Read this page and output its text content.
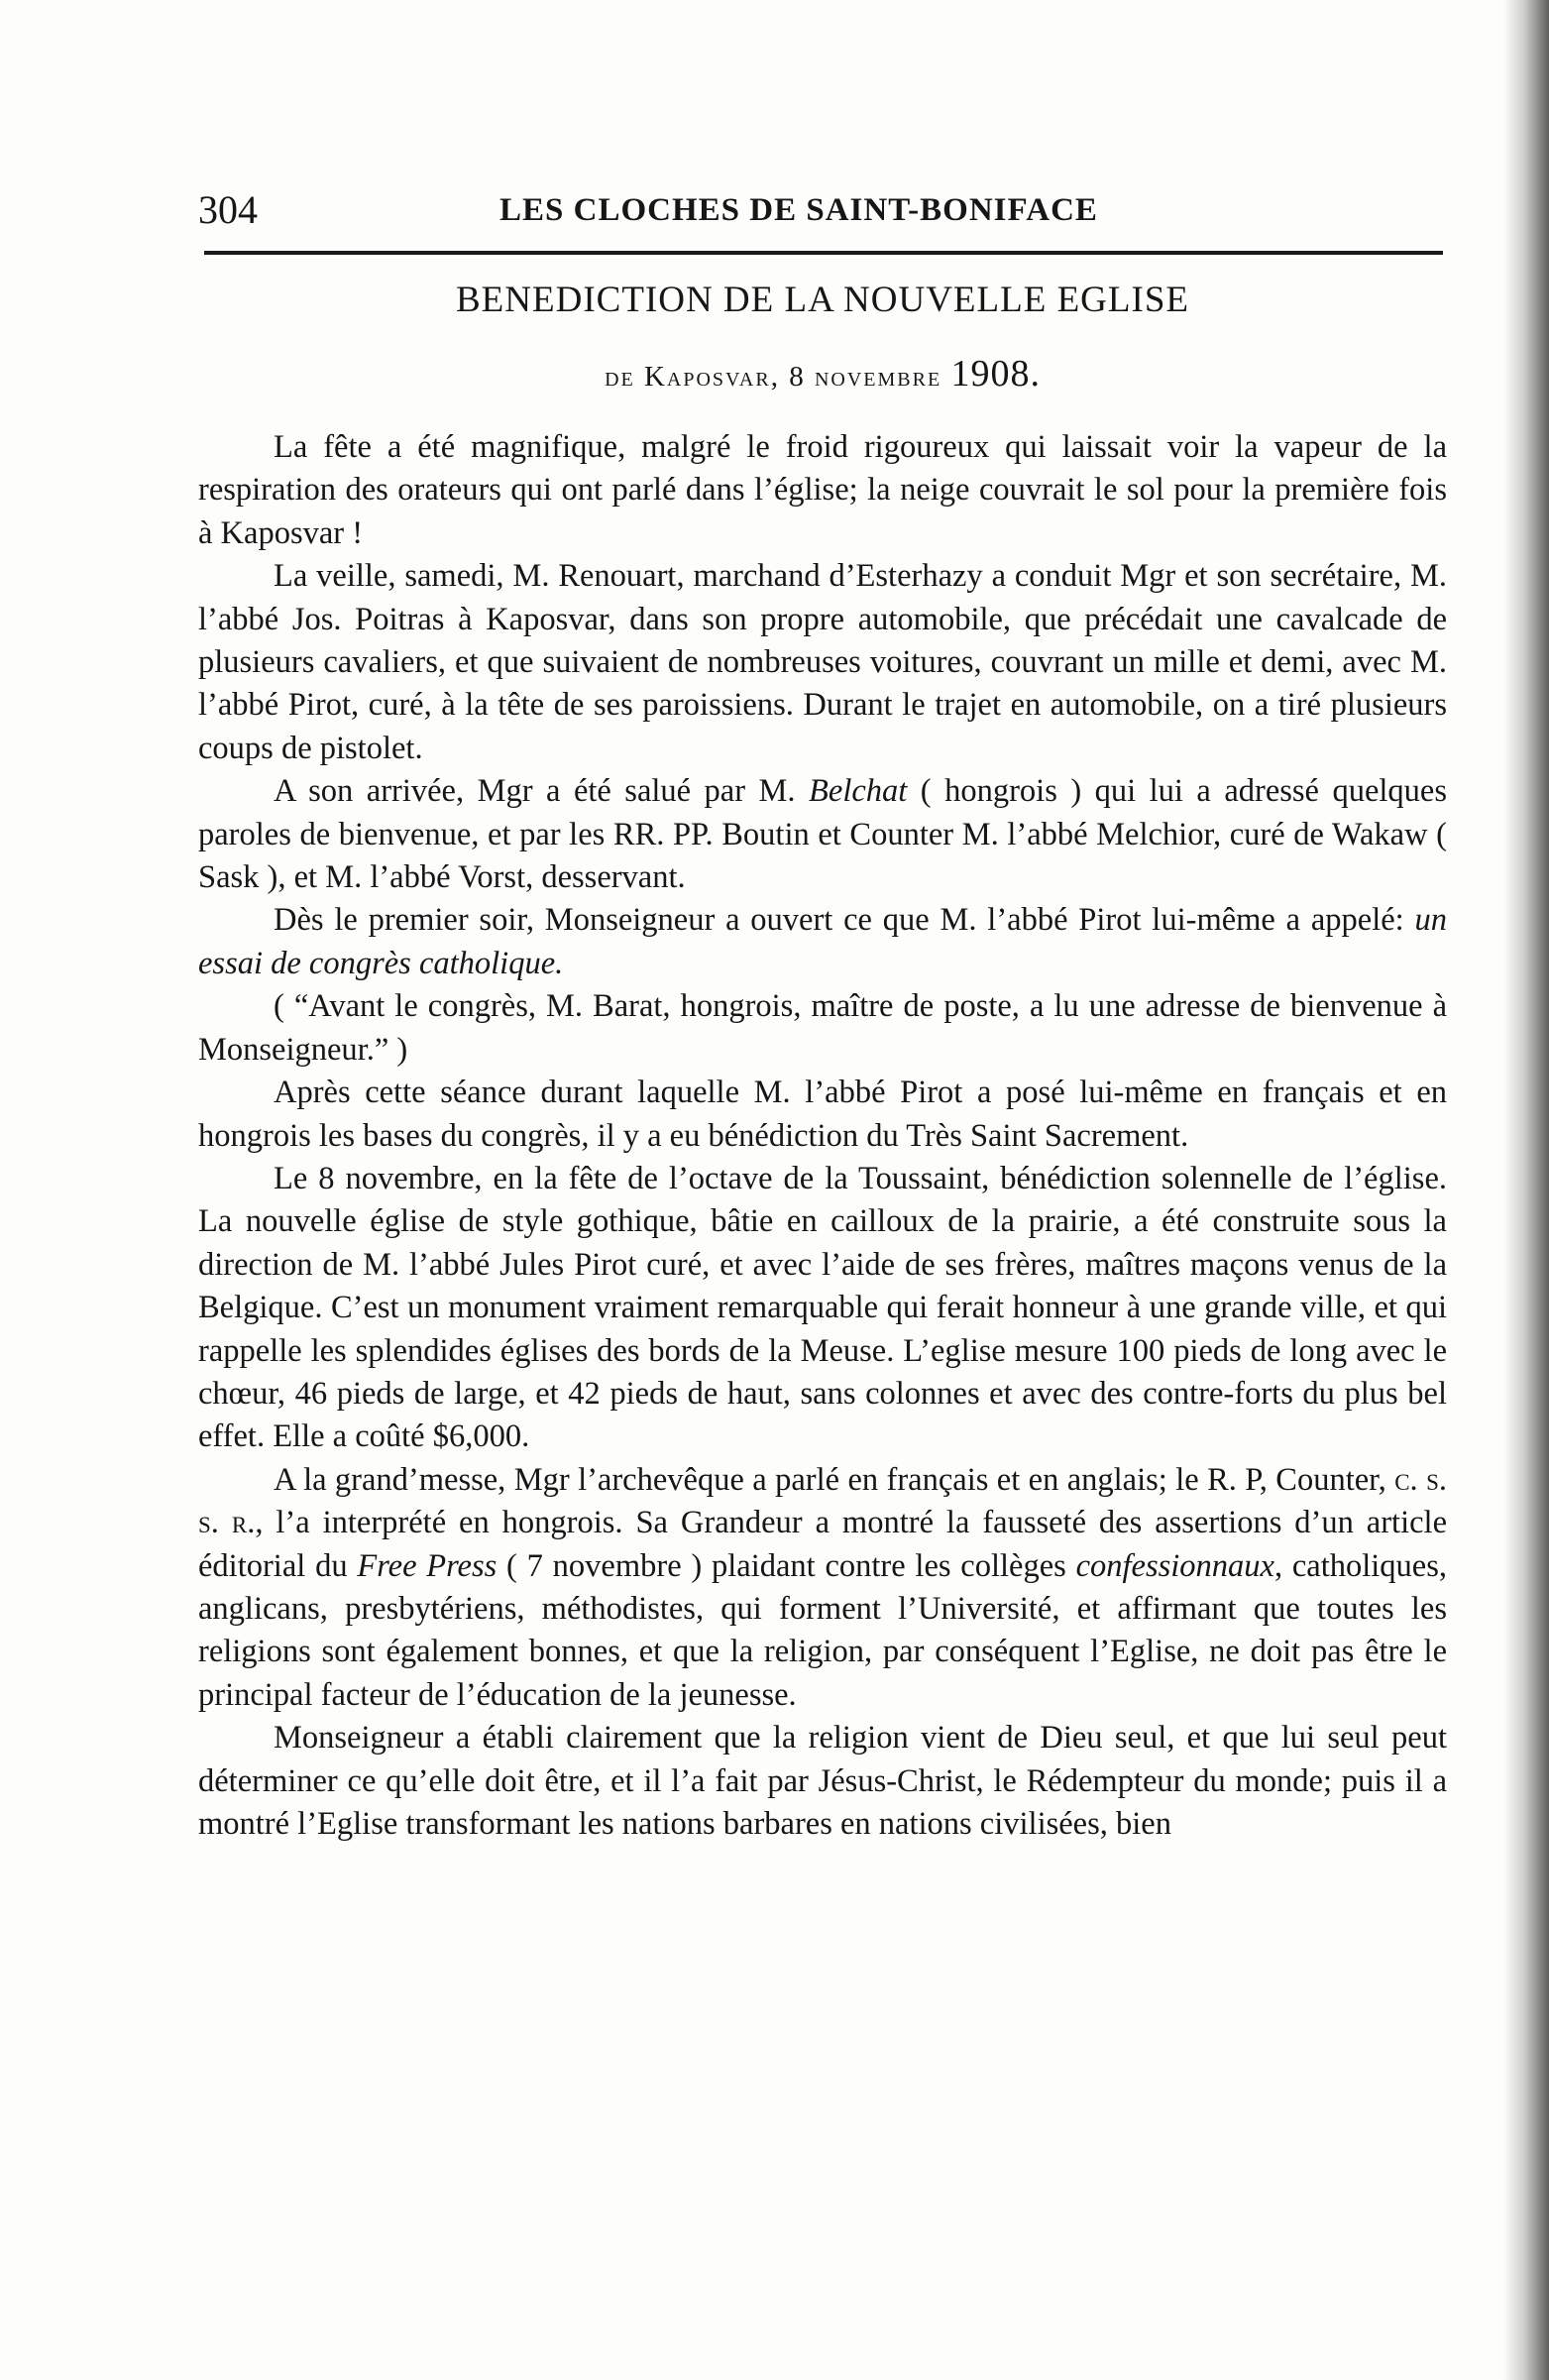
304	LES CLOCHES DE SAINT-BONIFACE
BENEDICTION DE LA NOUVELLE EGLISE
de Kaposvar, 8 novembre 1908.

La fête a été magnifique, malgré le froid rigoureux qui laissait voir la vapeur de la respiration des orateurs qui ont parlé dans l’église; la neige couvrait le sol pour la première fois à Kaposvar !

La veille, samedi, M. Renouart, marchand d’Esterhazy a conduit Mgr et son secrétaire, M. l’abbé Jos. Poitras à Kaposvar, dans son propre automobile, que précédait une cavalcade de plusieurs cavaliers, et que suivaient de nombreuses voitures, couvrant un mille et demi, avec M. l’abbé Pirot, curé, à la tête de ses paroissiens. Durant le trajet en automobile, on a tiré plusieurs coups de pistolet.

A son arrivée, Mgr a été salué par M. Belchat ( hongrois ) qui lui a adressé quelques paroles de bienvenue, et par les RR. PP. Boutin et Counter M. l’abbé Melchior, curé de Wakaw ( Sask ), et M. l’abbé Vorst, desservant.

Dès le premier soir, Monseigneur a ouvert ce que M. l’abbé Pirot lui-même a appelé: un essai de congrès catholique.

( “Avant le congrès, M. Barat, hongrois, maître de poste, a lu une adresse de bienvenue à Monseigneur.” )

Après cette séance durant laquelle M. l’abbé Pirot a posé lui-même en français et en hongrois les bases du congrès, il y a eu bénédiction du Très Saint Sacrement.

Le 8 novembre, en la fête de l’octave de la Toussaint, bénédiction solennelle de l’église. La nouvelle église de style gothique, bâtie en cailloux de la prairie, a été construite sous la direction de M. l’abbé Jules Pirot curé, et avec l’aide de ses frères, maîtres maçons venus de la Belgique. C’est un monument vraiment remarquable qui ferait honneur à une grande ville, et qui rappelle les splendides églises des bords de la Meuse. L’eglise mesure 100 pieds de long avec le chœur, 46 pieds de large, et 42 pieds de haut, sans colonnes et avec des contre-forts du plus bel effet. Elle a coûté $6,000.

A la grand’messe, Mgr l’archevêque a parlé en français et en anglais; le R. P, Counter, c. s. s. r., l’a interprété en hongrois. Sa Grandeur a montré la fausseté des assertions d’un article éditorial du Free Press ( 7 novembre ) plaidant contre les collèges confessionnaux, catholiques, anglicans, presbytériens, méthodistes, qui forment l’Université, et affirmant que toutes les religions sont également bonnes, et que la religion, par conséquent l’Eglise, ne doit pas être le principal facteur de l’éducation de la jeunesse.

Monseigneur a établi clairement que la religion vient de Dieu seul, et que lui seul peut déterminer ce qu’elle doit être, et il l’a fait par Jésus-Christ, le Rédempteur du monde; puis il a montré l’Eglise transformant les nations barbares en nations civilisées, bien
